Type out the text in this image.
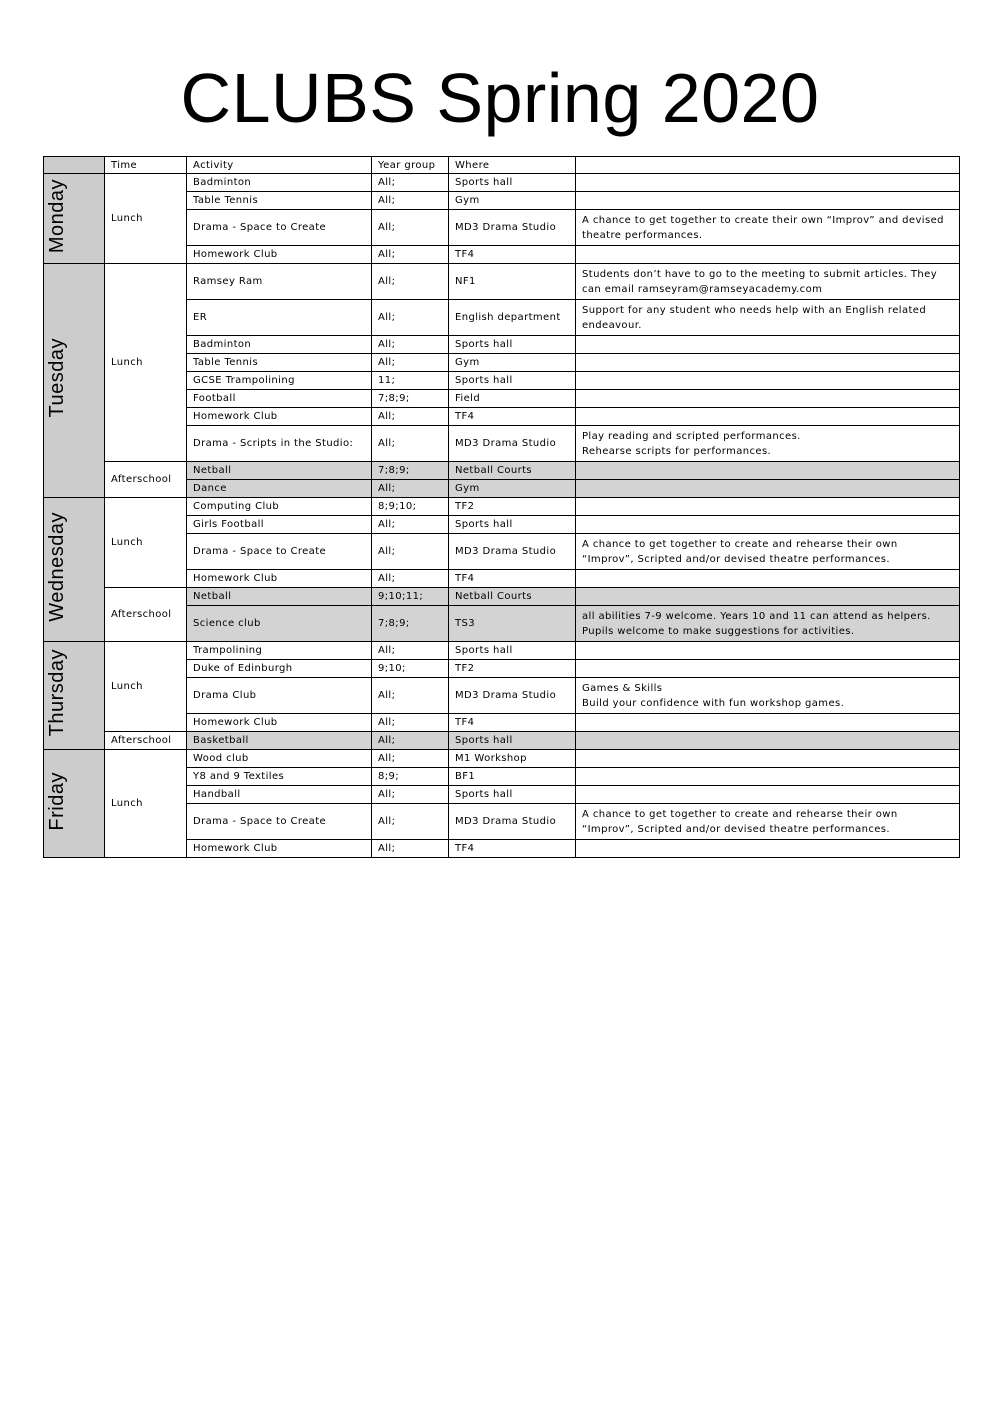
CLUBS Spring 2020
	Time	Activity	Year group	Where	
Monday	Lunch	Badminton	All;	Sports hall	
		Table Tennis	All;	Gym	
		Drama - Space to Create	All;	MD3 Drama Studio	A chance to get together to create their own “Improv” and devised theatre performances.

		Homework Club	All;	TF4	
Tuesday	Lunch	Ramsey Ram	All;	NF1	Students don’t have to go to the meeting to submit articles. They can email ramseyram@ramseyacademy.com

		ER	All;	English department	Support for any student who needs help with an English related endeavour.

		Badminton	All;	Sports hall	
		Table Tennis	All;	Gym	
		GCSE Trampolining	11;	Sports hall	
		Football	7;8;9;	Field	
		Homework Club	All;	TF4	
		Drama - Scripts in the Studio:	All;	MD3 Drama Studio	Play reading and scripted performances.
Rehearse scripts for performances.

	Afterschool	Netball	7;8;9;	Netball Courts	
		Dance	All;	Gym	
Wednesday	Lunch	Computing Club	8;9;10;	TF2	
		Girls Football	All;	Sports hall	
		Drama - Space to Create	All;	MD3 Drama Studio	A chance to get together to create and rehearse their own “Improv”, Scripted and/or devised theatre performances.

		Homework Club	All;	TF4	
	Afterschool	Netball	9;10;11;	Netball Courts	
		Science club	7;8;9;	TS3	all abilities 7-9 welcome. Years 10 and 11 can attend as helpers.
Pupils welcome to make suggestions for activities.

Thursday	Lunch	Trampolining	All;	Sports hall	
		Duke of Edinburgh	9;10;	TF2	
		Drama Club	All;	MD3 Drama Studio	Games & Skills
Build your confidence with fun workshop games.

		Homework Club	All;	TF4	
	Afterschool	Basketball	All;	Sports hall	
Friday	Lunch	Wood club	All;	M1 Workshop	
		Y8 and 9 Textiles	8;9;	BF1	
		Handball	All;	Sports hall	
		Drama - Space to Create	All;	MD3 Drama Studio	A chance to get together to create and rehearse their own “Improv”, Scripted and/or devised theatre performances.

		Homework Club	All;	TF4	
